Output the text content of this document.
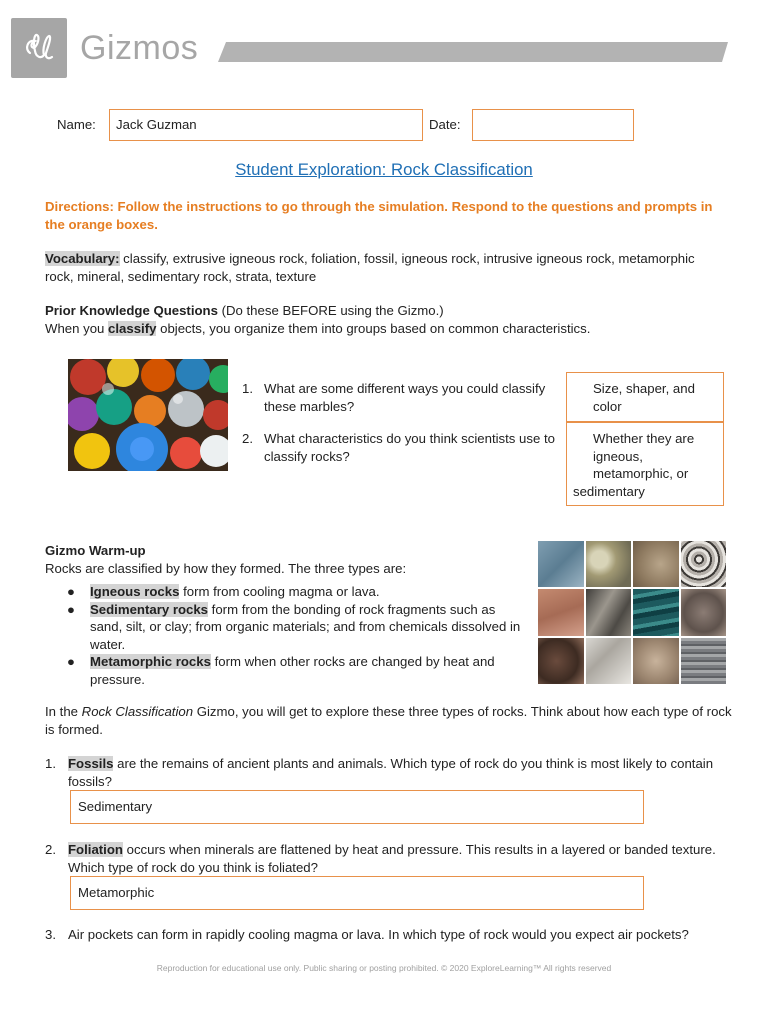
Gizmos
Name:	Jack Guzman	Date:
Student Exploration: Rock Classification
Directions: Follow the instructions to go through the simulation. Respond to the questions and prompts in the orange boxes.
Vocabulary: classify, extrusive igneous rock, foliation, fossil, igneous rock, intrusive igneous rock, metamorphic rock, mineral, sedimentary rock, strata, texture
Prior Knowledge Questions (Do these BEFORE using the Gizmo.)
When you classify objects, you organize them into groups based on common characteristics.
1. What are some different ways you could classify these marbles?
Size, shaper, and color
2. What characteristics do you think scientists use to classify rocks?
Whether they are
igneous,
metamorphic, or
sedimentary
Gizmo Warm-up
Rocks are classified by how they formed. The three types are:
● Igneous rocks form from cooling magma or lava.
● Sedimentary rocks form from the bonding of rock fragments such as sand, silt, or clay; from organic materials; and from chemicals dissolved in water.
● Metamorphic rocks form when other rocks are changed by heat and pressure.
In the Rock Classification Gizmo, you will get to explore these three types of rocks. Think about how each type of rock is formed.
1. Fossils are the remains of ancient plants and animals. Which type of rock do you think is most likely to contain fossils?
Sedimentary
2. Foliation occurs when minerals are flattened by heat and pressure. This results in a layered or banded texture. Which type of rock do you think is foliated?
Metamorphic
3. Air pockets can form in rapidly cooling magma or lava. In which type of rock would you expect air pockets?
Reproduction for educational use only. Public sharing or posting prohibited. © 2020 ExploreLearning™ All rights reserved
